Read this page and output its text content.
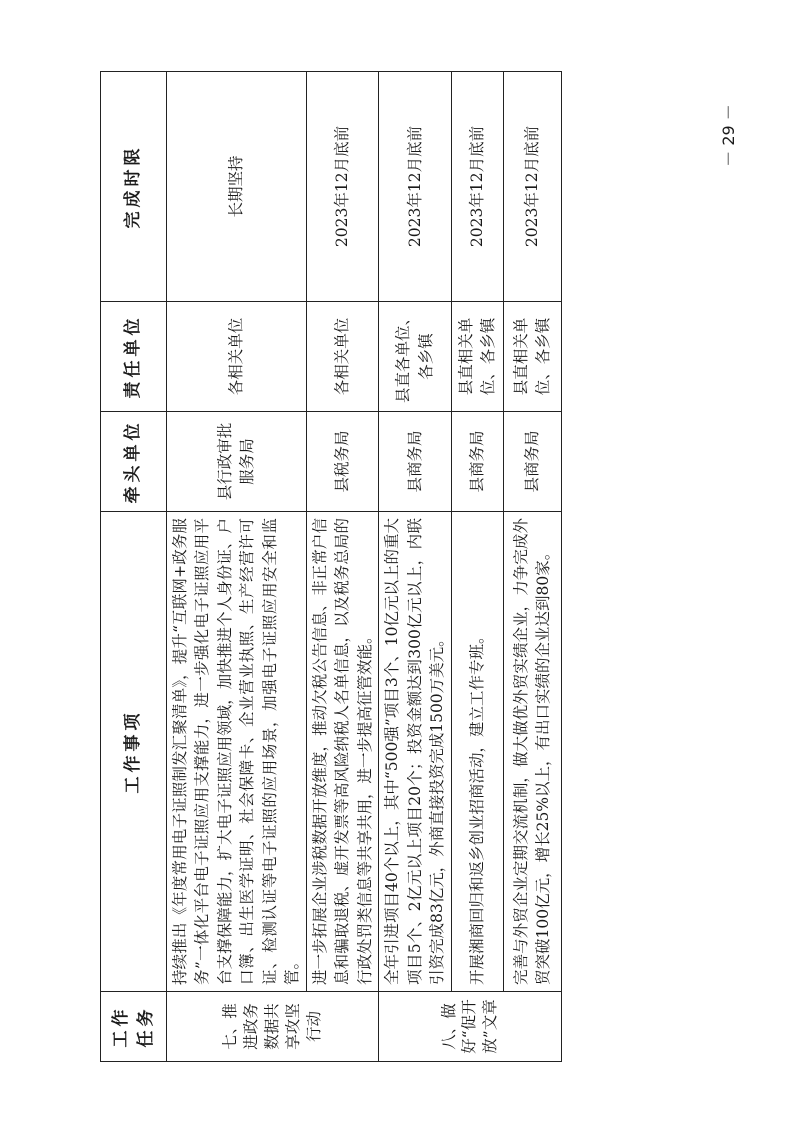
工作任务	工作事项	牵头单位	责任单位	完成时限
七、推进政务数据共享攻坚行动	持续推出《年度常用电子证照制发汇聚清单》，提升“互联网+政务服务”一体化平台电子证照应用支撑能力，进一步强化电子证照应用平台支撑保障能力，扩大电子证照应用领域，加快推进个人身份证、户口簿、出生医学证明、社会保障卡、企业营业执照、生产经营许可证、检测认证等电子证照的应用场景，加强电子证照应用安全和监管。	县行政审批服务局	各相关单位	长期坚持
	进一步拓展企业涉税数据开放维度，推动欠税公告信息、非正常户信息和骗取退税、虚开发票等高风险纳税人名单信息，以及税务总局的行政处罚类信息等共享共用，进一步提高征管效能。	县税务局	各相关单位	2023年12月底前
八、做好“促开放”文章	全年引进项目40个以上，其中“500强”项目3个、10亿元以上的重大项目5个、2亿元以上项目20个；投资金额达到300亿元以上，内联引资完成83亿元，外商直接投资完成1500万美元。	县商务局	县直各单位、各乡镇	2023年12月底前
	开展湘商回归和返乡创业招商活动，建立工作专班。	县商务局	县直相关单位、各乡镇	2023年12月底前
	完善与外贸企业定期交流机制，做大做优外贸实绩企业，力争完成外贸突破100亿元，增长25%以上，有出口实绩的企业达到80家。	县商务局	县直相关单位、各乡镇	2023年12月底前	－ 29 －
